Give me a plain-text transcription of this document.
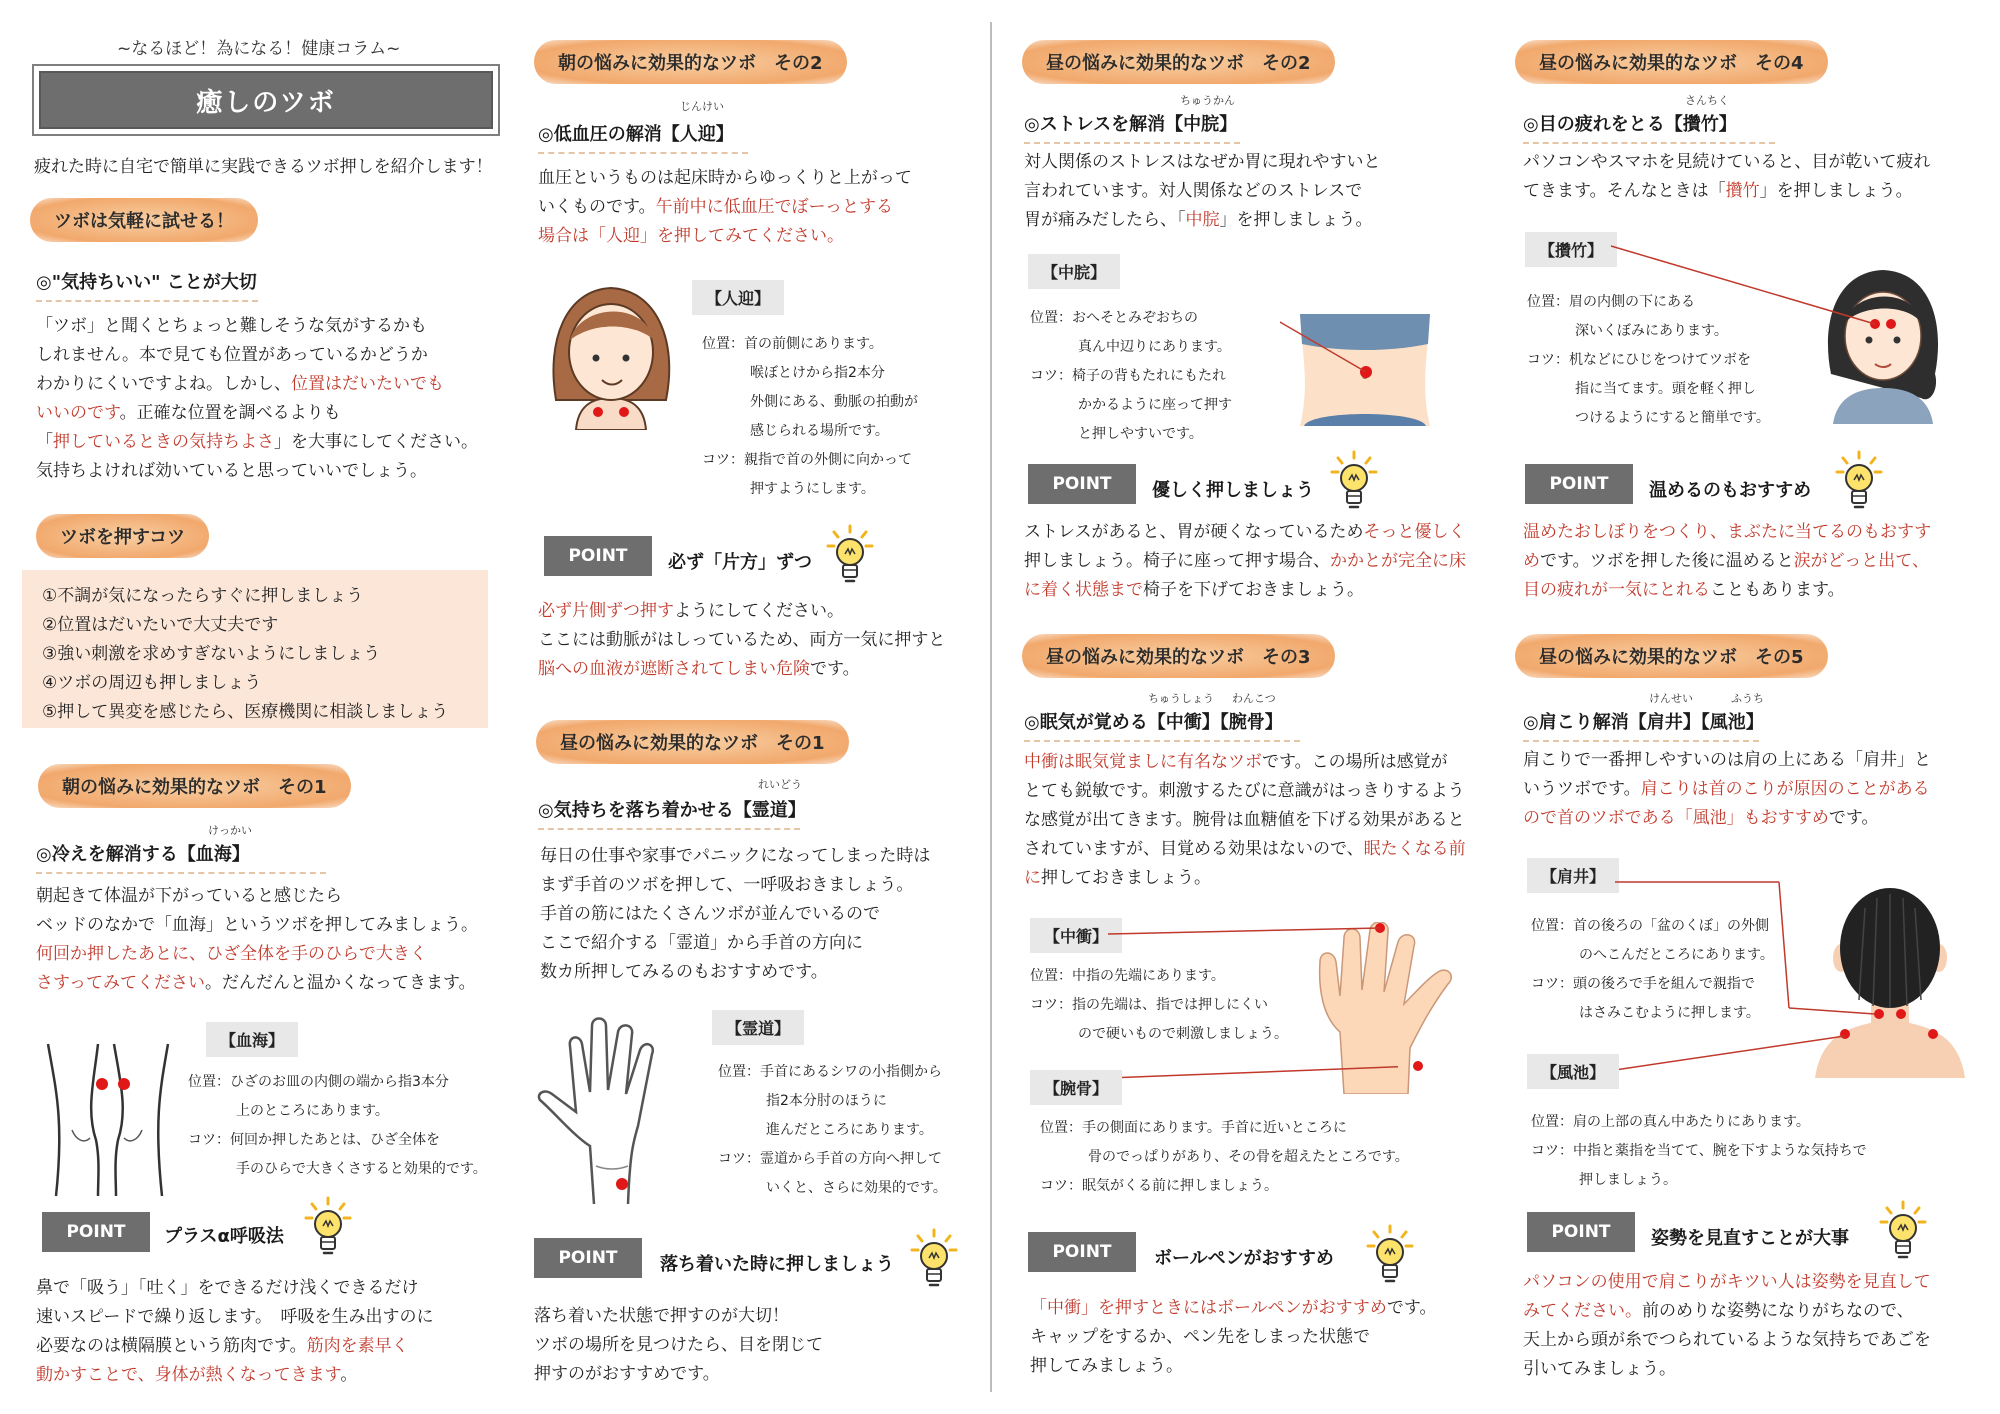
~なるほど！為になる！健康コラム~
癒しのツボ
疲れた時に自宅で簡単に実践できるツボ押しを紹介します！
ツボは気軽に試せる！
◎"気持ちいい" ことが大切
「ツボ」と聞くとちょっと難しそうな気がするかも
しれません。本で見ても位置があっているかどうか
わかりにくいですよね。しかし、位置はだいたいでも
いいのです。正確な位置を調べるよりも
「押しているときの気持ちよさ」を大事にしてください。
気持ちよければ効いていると思っていいでしょう。
ツボを押すコツ
①不調が気になったらすぐに押しましょう
②位置はだいたいで大丈夫です
③強い刺激を求めすぎないようにしましょう
④ツボの周辺も押しましょう
⑤押して異変を感じたら、医療機関に相談しましょう
朝の悩みに効果的なツボ　その1
けっかい
◎冷えを解消する【血海】
朝起きて体温が下がっていると感じたら
ベッドのなかで「血海」というツボを押してみましょう。
何回か押したあとに、ひざ全体を手のひらで大きく
さすってみてください。だんだんと温かくなってきます。
【血海】
位置：ひざのお皿の内側の端から指3本分
上のところにあります。
コツ：何回か押したあとは、ひざ全体を
手のひらで大きくさすると効果的です。
POINT	プラスα呼吸法
鼻で「吸う」「吐く」をできるだけ浅くできるだけ
速いスピードで繰り返します。　呼吸を生み出すのに
必要なのは横隔膜という筋肉です。筋肉を素早く
動かすことで、身体が熱くなってきます。
朝の悩みに効果的なツボ　その2
じんけい
◎低血圧の解消【人迎】
血圧というものは起床時からゆっくりと上がって
いくものです。午前中に低血圧でぼーっとする
場合は「人迎」を押してみてください。
【人迎】
位置：首の前側にあります。
喉ぼとけから指2本分
外側にある、動脈の拍動が
感じられる場所です。
コツ：親指で首の外側に向かって
押すようにします。
POINT	必ず「片方」ずつ
必ず片側ずつ押すようにしてください。
ここには動脈がはしっているため、両方一気に押すと
脳への血液が遮断されてしまい危険です。
昼の悩みに効果的なツボ　その1
れいどう
◎気持ちを落ち着かせる【霊道】
毎日の仕事や家事でパニックになってしまった時は
まず手首のツボを押して、一呼吸おきましょう。
手首の筋にはたくさんツボが並んでいるので
ここで紹介する「霊道」から手首の方向に
数カ所押してみるのもおすすめです。
【霊道】
位置：手首にあるシワの小指側から
指2本分肘のほうに
進んだところにあります。
コツ：霊道から手首の方向へ押して
いくと、さらに効果的です。
POINT	落ち着いた時に押しましょう
落ち着いた状態で押すのが大切！
ツボの場所を見つけたら、目を閉じて
押すのがおすすめです。
昼の悩みに効果的なツボ　その2
ちゅうかん
◎ストレスを解消【中脘】
対人関係のストレスはなぜか胃に現れやすいと
言われています。対人関係などのストレスで
胃が痛みだしたら、「中脘」を押しましょう。
【中脘】
位置：おへそとみぞおちの
真ん中辺りにあります。
コツ：椅子の背もたれにもたれ
かかるように座って押す
と押しやすいです。
POINT	優しく押しましょう
ストレスがあると、胃が硬くなっているためそっと優しく
押しましょう。椅子に座って押す場合、かかとが完全に床
に着く状態まで椅子を下げておきましょう。
昼の悩みに効果的なツボ　その3
ちゅうしょう わんこつ
◎眠気が覚める【中衝】【腕骨】
中衝は眠気覚ましに有名なツボです。この場所は感覚が
とても鋭敏です。刺激するたびに意識がはっきりするよう
な感覚が出てきます。腕骨は血糖値を下げる効果があると
されていますが、目覚める効果はないので、眠たくなる前
に押しておきましょう。
【中衝】
位置：中指の先端にあります。
コツ：指の先端は、指では押しにくい
ので硬いもので刺激しましょう。
【腕骨】
位置：手の側面にあります。手首に近いところに
骨のでっぱりがあり、その骨を超えたところです。
コツ：眠気がくる前に押しましょう。
POINT	ボールペンがおすすめ
「中衝」を押すときにはボールペンがおすすめです。
キャップをするか、ペン先をしまった状態で
押してみましょう。
昼の悩みに効果的なツボ　その4
さんちく
◎目の疲れをとる【攢竹】
パソコンやスマホを見続けていると、目が乾いて疲れ
てきます。そんなときは「攢竹」を押しましょう。
【攢竹】
位置：眉の内側の下にある
深いくぼみにあります。
コツ：机などにひじをつけてツボを
指に当てます。頭を軽く押し
つけるようにすると簡単です。
POINT	温めるのもおすすめ
温めたおしぼりをつくり、まぶたに当てるのもおすす
めです。ツボを押した後に温めると涙がどっと出て、
目の疲れが一気にとれることもあります。
昼の悩みに効果的なツボ　その5
けんせい	ふうち
◎肩こり解消【肩井】【風池】
肩こりで一番押しやすいのは肩の上にある「肩井」と
いうツボです。肩こりは首のこりが原因のことがある
ので首のツボである「風池」もおすすめです。
【肩井】
位置：首の後ろの「盆のくぼ」の外側
のへこんだところにあります。
コツ：頭の後ろで手を組んで親指で
はさみこむように押します。
【風池】
位置：肩の上部の真ん中あたりにあります。
コツ：中指と薬指を当てて、腕を下すような気持ちで
押しましょう。
POINT	姿勢を見直すことが大事
パソコンの使用で肩こりがキツい人は姿勢を見直して
みてください。前のめりな姿勢になりがちなので、
天上から頭が糸でつられているような気持ちであごを
引いてみましょう。
